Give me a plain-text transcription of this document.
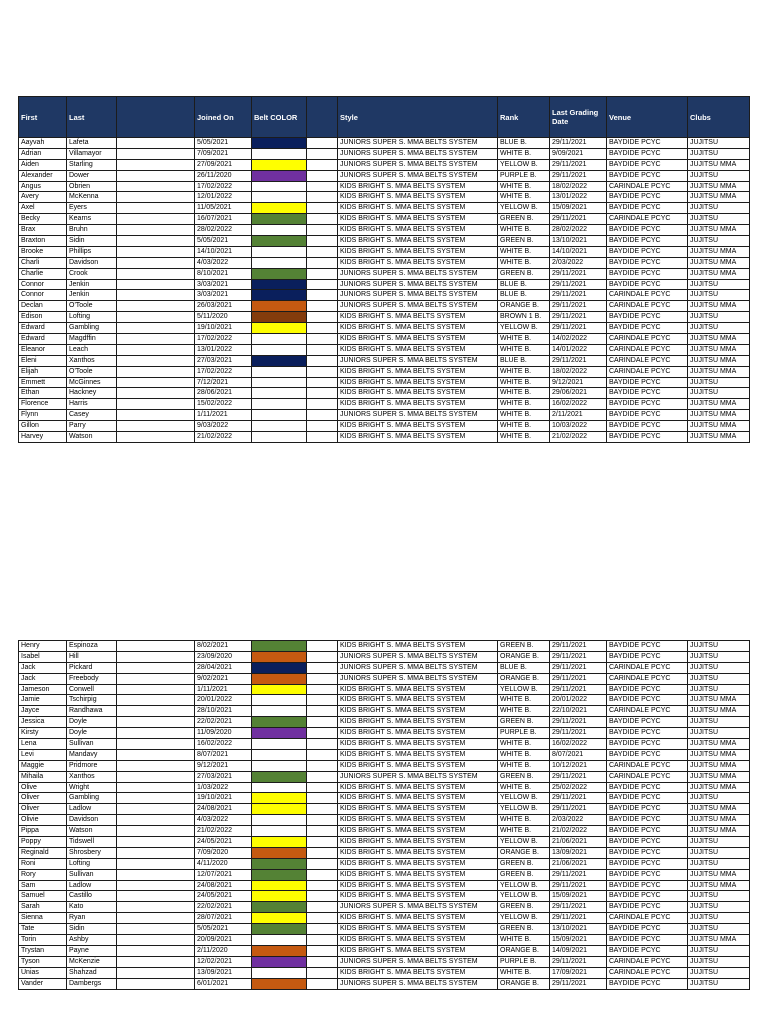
First	Last		Joined On	Belt COLOR		Style	Rank	Last Grading Date	Venue	Clubs
Aayvah	Lafeta		5/05/2021			JUNIORS SUPER S. MMA BELTS SYSTEM	BLUE B.	29/11/2021	BAYDIDE PCYC	JUJITSU
Adrian	Villamayor		7/09/2021			JUNIORS SUPER S. MMA BELTS SYSTEM	WHITE B.	9/09/2021	BAYDIDE PCYC	JUJITSU
Aiden	Starling		27/09/2021			JUNIORS SUPER S. MMA BELTS SYSTEM	YELLOW B.	29/11/2021	BAYDIDE PCYC	JUJITSU MMA
Alexander	Dower		26/11/2020			JUNIORS SUPER S. MMA BELTS SYSTEM	PURPLE B.	29/11/2021	BAYDIDE PCYC	JUJITSU
Angus	Obrien		17/02/2022			KIDS BRIGHT S. MMA BELTS SYSTEM	WHITE B.	18/02/2022	CARINDALE PCYC	JUJITSU MMA
Avery	McKenna		12/01/2022			KIDS BRIGHT S. MMA BELTS SYSTEM	WHITE B.	13/01/2022	BAYDIDE PCYC	JUJITSU MMA
Axel	Eyers		11/05/2021			KIDS BRIGHT S. MMA BELTS SYSTEM	YELLOW B.	15/09/2021	BAYDIDE PCYC	JUJITSU
Becky	Kearns		16/07/2021			KIDS BRIGHT S. MMA BELTS SYSTEM	GREEN B.	29/11/2021	CARINDALE PCYC	JUJITSU
Brax	Bruhn		28/02/2022			KIDS BRIGHT S. MMA BELTS SYSTEM	WHITE B.	28/02/2022	BAYDIDE PCYC	JUJITSU MMA
Braxton	Sidin		5/05/2021			KIDS BRIGHT S. MMA BELTS SYSTEM	GREEN B.	13/10/2021	BAYDIDE PCYC	JUJITSU
Brooke	Phillips		14/10/2021			KIDS BRIGHT S. MMA BELTS SYSTEM	WHITE B.	14/10/2021	BAYDIDE PCYC	JUJITSU MMA
Charli	Davidson		4/03/2022			KIDS BRIGHT S. MMA BELTS SYSTEM	WHITE B.	2/03/2022	BAYDIDE PCYC	JUJITSU MMA
Charlie	Crook		8/10/2021			JUNIORS SUPER S. MMA BELTS SYSTEM	GREEN B.	29/11/2021	BAYDIDE PCYC	JUJITSU MMA
Connor	Jenkin		3/03/2021			JUNIORS SUPER S. MMA BELTS SYSTEM	BLUE B.	29/11/2021	BAYDIDE PCYC	JUJITSU
Connor	Jenkin		3/03/2021			JUNIORS SUPER S. MMA BELTS SYSTEM	BLUE B.	29/11/2021	CARINDALE PCYC	JUJITSU
Declan	O'Toole		26/03/2021			JUNIORS SUPER S. MMA BELTS SYSTEM	ORANGE B.	29/11/2021	CARINDALE PCYC	JUJITSU MMA
Edison	Lofting		5/11/2020			KIDS BRIGHT S. MMA BELTS SYSTEM	BROWN 1 B.	29/11/2021	BAYDIDE PCYC	JUJITSU
Edward	Gambling		19/10/2021			KIDS BRIGHT S. MMA BELTS SYSTEM	YELLOW B.	29/11/2021	BAYDIDE PCYC	JUJITSU
Edward	Magdffin		17/02/2022			KIDS BRIGHT S. MMA BELTS SYSTEM	WHITE B.	14/02/2022	CARINDALE PCYC	JUJITSU MMA
Eleanor	Leach		13/01/2022			KIDS BRIGHT S. MMA BELTS SYSTEM	WHITE B.	14/01/2022	CARINDALE PCYC	JUJITSU MMA
Eleni	Xanthos		27/03/2021			JUNIORS SUPER S. MMA BELTS SYSTEM	BLUE B.	29/11/2021	CARINDALE PCYC	JUJITSU MMA
Elijah	O'Toole		17/02/2022			KIDS BRIGHT S. MMA BELTS SYSTEM	WHITE B.	18/02/2022	CARINDALE PCYC	JUJITSU MMA
Emmett	McGinnes		7/12/2021			KIDS BRIGHT S. MMA BELTS SYSTEM	WHITE B.	9/12/2021	BAYDIDE PCYC	JUJITSU
Ethan	Hackney		28/06/2021			KIDS BRIGHT S. MMA BELTS SYSTEM	WHITE B.	29/06/2021	BAYDIDE PCYC	JUJITSU
Florence	Harris		15/02/2022			KIDS BRIGHT S. MMA BELTS SYSTEM	WHITE B.	16/02/2022	BAYDIDE PCYC	JUJITSU MMA
Flynn	Casey		1/11/2021			JUNIORS SUPER S. MMA BELTS SYSTEM	WHITE B.	2/11/2021	BAYDIDE PCYC	JUJITSU MMA
Gillon	Parry		9/03/2022			KIDS BRIGHT S. MMA BELTS SYSTEM	WHITE B.	10/03/2022	BAYDIDE PCYC	JUJITSU MMA
Harvey	Watson		21/02/2022			KIDS BRIGHT S. MMA BELTS SYSTEM	WHITE B.	21/02/2022	BAYDIDE PCYC	JUJITSU MMA
Henry	Espinoza		8/02/2021			KIDS BRIGHT S. MMA BELTS SYSTEM	GREEN B.	29/11/2021	BAYDIDE PCYC	JUJITSU
Isabel	Hill		23/09/2020			JUNIORS SUPER S. MMA BELTS SYSTEM	ORANGE B.	29/11/2021	BAYDIDE PCYC	JUJITSU
Jack	Pickard		28/04/2021			JUNIORS SUPER S. MMA BELTS SYSTEM	BLUE B.	29/11/2021	CARINDALE PCYC	JUJITSU
Jack	Freebody		9/02/2021			JUNIORS SUPER S. MMA BELTS SYSTEM	ORANGE B.	29/11/2021	CARINDALE PCYC	JUJITSU
Jameson	Conwell		1/11/2021			KIDS BRIGHT S. MMA BELTS SYSTEM	YELLOW B.	29/11/2021	BAYDIDE PCYC	JUJITSU
Jamie	Tschirpig		20/01/2022			KIDS BRIGHT S. MMA BELTS SYSTEM	WHITE B.	20/01/2022	BAYDIDE PCYC	JUJITSU MMA
Jayce	Randhawa		28/10/2021			KIDS BRIGHT S. MMA BELTS SYSTEM	WHITE B.	22/10/2021	CARINDALE PCYC	JUJITSU MMA
Jessica	Doyle		22/02/2021			KIDS BRIGHT S. MMA BELTS SYSTEM	GREEN B.	29/11/2021	BAYDIDE PCYC	JUJITSU
Kirsty	Doyle		11/09/2020			KIDS BRIGHT S. MMA BELTS SYSTEM	PURPLE B.	29/11/2021	BAYDIDE PCYC	JUJITSU
Lena	Sullivan		16/02/2022			KIDS BRIGHT S. MMA BELTS SYSTEM	WHITE B.	16/02/2022	BAYDIDE PCYC	JUJITSU MMA
Levi	Mandavy		8/07/2021			KIDS BRIGHT S. MMA BELTS SYSTEM	WHITE B.	8/07/2021	BAYDIDE PCYC	JUJITSU MMA
Maggie	Pridmore		9/12/2021			KIDS BRIGHT S. MMA BELTS SYSTEM	WHITE B.	10/12/2021	CARINDALE PCYC	JUJITSU MMA
Mihaila	Xanthos		27/03/2021			JUNIORS SUPER S. MMA BELTS SYSTEM	GREEN B.	29/11/2021	CARINDALE PCYC	JUJITSU MMA
Olive	Wright		1/03/2022			KIDS BRIGHT S. MMA BELTS SYSTEM	WHITE B.	25/02/2022	BAYDIDE PCYC	JUJITSU MMA
Oliver	Gambling		19/10/2021			KIDS BRIGHT S. MMA BELTS SYSTEM	YELLOW B.	29/11/2021	BAYDIDE PCYC	JUJITSU
Oliver	Ladlow		24/08/2021			KIDS BRIGHT S. MMA BELTS SYSTEM	YELLOW B.	29/11/2021	BAYDIDE PCYC	JUJITSU MMA
Olivie	Davidson		4/03/2022			KIDS BRIGHT S. MMA BELTS SYSTEM	WHITE B.	2/03/2022	BAYDIDE PCYC	JUJITSU MMA
Pippa	Watson		21/02/2022			KIDS BRIGHT S. MMA BELTS SYSTEM	WHITE B.	21/02/2022	BAYDIDE PCYC	JUJITSU MMA
Poppy	Tidswell		24/05/2021			KIDS BRIGHT S. MMA BELTS SYSTEM	YELLOW B.	21/06/2021	BAYDIDE PCYC	JUJITSU
Reginald	Shrosbery		7/09/2020			KIDS BRIGHT S. MMA BELTS SYSTEM	ORANGE B.	13/09/2021	BAYDIDE PCYC	JUJITSU
Roni	Lofting		4/11/2020			KIDS BRIGHT S. MMA BELTS SYSTEM	GREEN B.	21/06/2021	BAYDIDE PCYC	JUJITSU
Rory	Sullivan		12/07/2021			KIDS BRIGHT S. MMA BELTS SYSTEM	GREEN B.	29/11/2021	BAYDIDE PCYC	JUJITSU MMA
Sam	Ladlow		24/08/2021			KIDS BRIGHT S. MMA BELTS SYSTEM	YELLOW B.	29/11/2021	BAYDIDE PCYC	JUJITSU MMA
Samuel	Castillo		24/05/2021			KIDS BRIGHT S. MMA BELTS SYSTEM	YELLOW B.	15/09/2021	BAYDIDE PCYC	JUJITSU
Sarah	Kato		22/02/2021			JUNIORS SUPER S. MMA BELTS SYSTEM	GREEN B.	29/11/2021	BAYDIDE PCYC	JUJITSU
Sienna	Ryan		28/07/2021			KIDS BRIGHT S. MMA BELTS SYSTEM	YELLOW B.	29/11/2021	CARINDALE PCYC	JUJITSU
Tate	Sidin		5/05/2021			KIDS BRIGHT S. MMA BELTS SYSTEM	GREEN B.	13/10/2021	BAYDIDE PCYC	JUJITSU
Torin	Ashby		20/09/2021			KIDS BRIGHT S. MMA BELTS SYSTEM	WHITE B.	15/09/2021	BAYDIDE PCYC	JUJITSU MMA
Trystan	Payne		2/11/2020			KIDS BRIGHT S. MMA BELTS SYSTEM	ORANGE B.	14/09/2021	BAYDIDE PCYC	JUJITSU
Tyson	McKenzie		12/02/2021			JUNIORS SUPER S. MMA BELTS SYSTEM	PURPLE B.	29/11/2021	CARINDALE PCYC	JUJITSU
Unias	Shahzad		13/09/2021			KIDS BRIGHT S. MMA BELTS SYSTEM	WHITE B.	17/09/2021	CARINDALE PCYC	JUJITSU
Vander	Dambergs		6/01/2021			JUNIORS SUPER S. MMA BELTS SYSTEM	ORANGE B.	29/11/2021	BAYDIDE PCYC	JUJITSU
